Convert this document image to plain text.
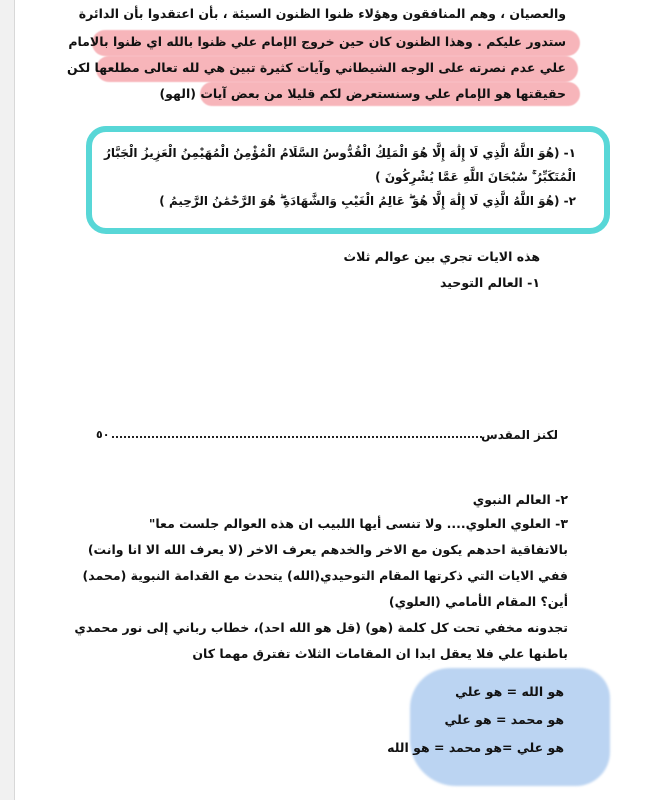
والعصيان ، وهم المنافقون وهؤلاء ظنوا الظنون السيئة ، بأن اعتقدوا بأن الدائرة
ستدور عليكم . وهذا الظنون كان حين خروج الإمام علي ظنوا بالله اي ظنوا بالامام
علي عدم نصرته على الوجه الشيطاني وآيات كثيرة تبين هي لله تعالى مطلعها لكن
حقيقتها هو الإمام علي وسنستعرض لكم قليلا من بعض آيات (الهو)
١- (هُوَ اللَّهُ الَّذِي لَا إِلَٰهَ إِلَّا هُوَ الْمَلِكُ الْقُدُّوسُ السَّلَامُ الْمُؤْمِنُ الْمُهَيْمِنُ الْعَزِيزُ الْجَبَّارُ
الْمُتَكَبِّرُ ۚ سُبْحَانَ اللَّهِ عَمَّا يُشْرِكُونَ )
٢- (هُوَ اللَّهُ الَّذِي لَا إِلَٰهَ إِلَّا هُوَ ۖ عَالِمُ الْغَيْبِ وَالشَّهَادَةِ ۖ هُوَ الرَّحْمَٰنُ الرَّحِيمُ )
هذه الايات تجري بين عوالم ثلاث
١- العالم التوحيد
لكنز المقدس
٥٠
٢- العالم النبوي
٣- العلوي العلوي.... ولا تنسى أيها اللبيب ان هذه العوالم جلست معا"
بالاتفاقية احدهم يكون مع الاخر والخدهم يعرف الاخر (لا يعرف الله الا انا وانت)
ففي الايات التي ذكرتها المقام التوحيدي(الله) يتحدث مع القدامة النبوية (محمد)
أين؟ المقام الأمامي (العلوي)
تجدونه مخفي تحت كل كلمة (هو) (قل هو الله احد)، خطاب رباني إلى نور محمدي
باطنها علي فلا يعقل ابدا ان المقامات الثلاث تفترق مهما كان
هو الله = هو علي
هو محمد = هو علي
هو علي =هو محمد = هو الله
